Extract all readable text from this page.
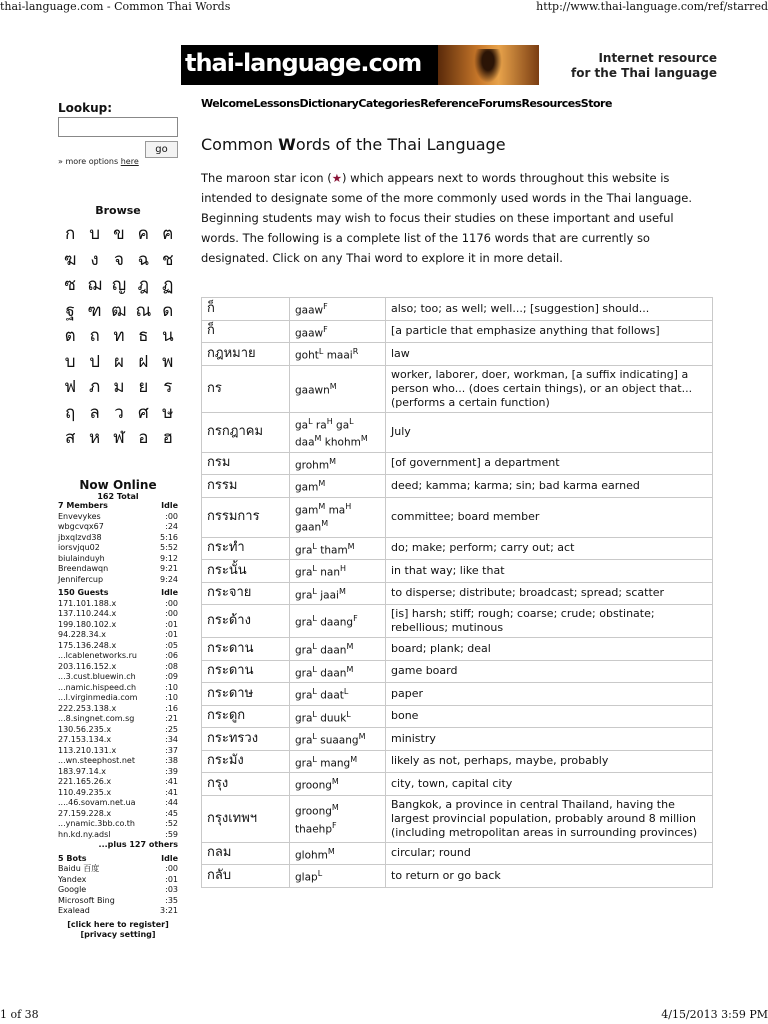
thai-language.com - Common Thai Words	http://www.thai-language.com/ref/starred
thai-language.com	Internet resource
for the Thai language
Lookup:
go
» more options here
Browse
ก บ ข ค ฅ
ฆ ง จ ฉ ช
ซ ฌ ญ ฎ ฏ
ฐ ฑ ฒ ณ ด
ต ถ ท ธ น
บ ป ผ ฝ พ
ฟ ภ ม ย ร
ฤ ล ว ศ ษ
ส ห ฬ อ ฮ
Now Online
162 Total
7 Members	Idle
Envevykes	:00
wbgcvqx67	:24
jbxqlzvd38	5:16
iorsvjqu02	5:52
biulainduyh	9:12
Breendawqn	9:21
Jennifercup	9:24
150 Guests	Idle
171.101.188.x	:00
137.110.244.x	:00
199.180.102.x	:01
94.228.34.x	:01
175.136.248.x	:05
...lcablenetworks.ru	:06
203.116.152.x	:08
...3.cust.bluewin.ch	:09
...namic.hispeed.ch	:10
...l.virginmedia.com	:10
222.253.138.x	:16
...8.singnet.com.sg	:21
130.56.235.x	:25
27.153.134.x	:34
113.210.131.x	:37
...wn.steephost.net	:38
183.97.14.x	:39
221.165.26.x	:41
110.49.235.x	:41
....46.sovam.net.ua	:44
27.159.228.x	:45
...ynamic.3bb.co.th	:52
hn.kd.ny.adsl	:59
...plus 127 others
5 Bots	Idle
Baidu 百度	:00
Yandex	:01
Google	:03
Microsoft Bing	:35
Exalead	3:21
[click here to register]
[privacy setting]
Welcome Lessons Dictionary Categories Reference Forums Resources Store
Common Words of the Thai Language
The maroon star icon (★) which appears next to words throughout this website is intended to designate some of the more commonly used words in the Thai language. Beginning students may wish to focus their studies on these important and useful words. The following is a complete list of the 1176 words that are currently so designated. Click on any Thai word to explore it in more detail.
ก็	gaaw$^F$	also; too; as well; well...; [suggestion] should...
ก็	gaaw$^F$	[a particle that emphasize anything that follows]
กฎหมาย	goht$^L$ maai$^R$	law
กร	gaawn$^M$	worker, laborer, doer, workman, [a suffix indicating] a person who... (does certain things), or an object that... (performs a certain function)
กรกฎาคม	$ga^L$ $ra^H$ $ga^L$ daa$^M$ khohm$^M$	July
กรม	grohm$^M$	[of government] a department
กรรม	gam$^M$	deed; kamma; karma; sin; bad karma earned
กรรมการ	gam$^M$ $ma^H$ gaan$^M$	committee; board member
กระทำ	gra$^L$ tham$^M$	do; make; perform; carry out; act
กระนั้น	gra$^L$ nan$^H$	in that way; like that
กระจาย	gra$^L$ jaai$^M$	to disperse; distribute; broadcast; spread; scatter
กระด้าง	gra$^L$ daang$^F$	[is] harsh; stiff; rough; coarse; crude; obstinate; rebellious; mutinous
กระดาน	gra$^L$ daan$^M$	board; plank; deal
กระดาน	gra$^L$ daan$^M$	game board
กระดาษ	gra$^L$ daat$^L$	paper
กระดูก	gra$^L$ duuk$^L$	bone
กระทรวง	gra$^L$ suaang$^M$	ministry
กระมัง	gra$^L$ mang$^M$	likely as not, perhaps, maybe, probably
กรุง	groong$^M$	city, town, capital city
กรุงเทพฯ	groong$^M$ thaehp$^F$	Bangkok, a province in central Thailand, having the largest provincial population, probably around 8 million (including metropolitan areas in surrounding provinces)
กลม	glohm$^M$	circular; round
กลับ	glap$^L$	to return or go back
1 of 38	4/15/2013 3:59 PM
